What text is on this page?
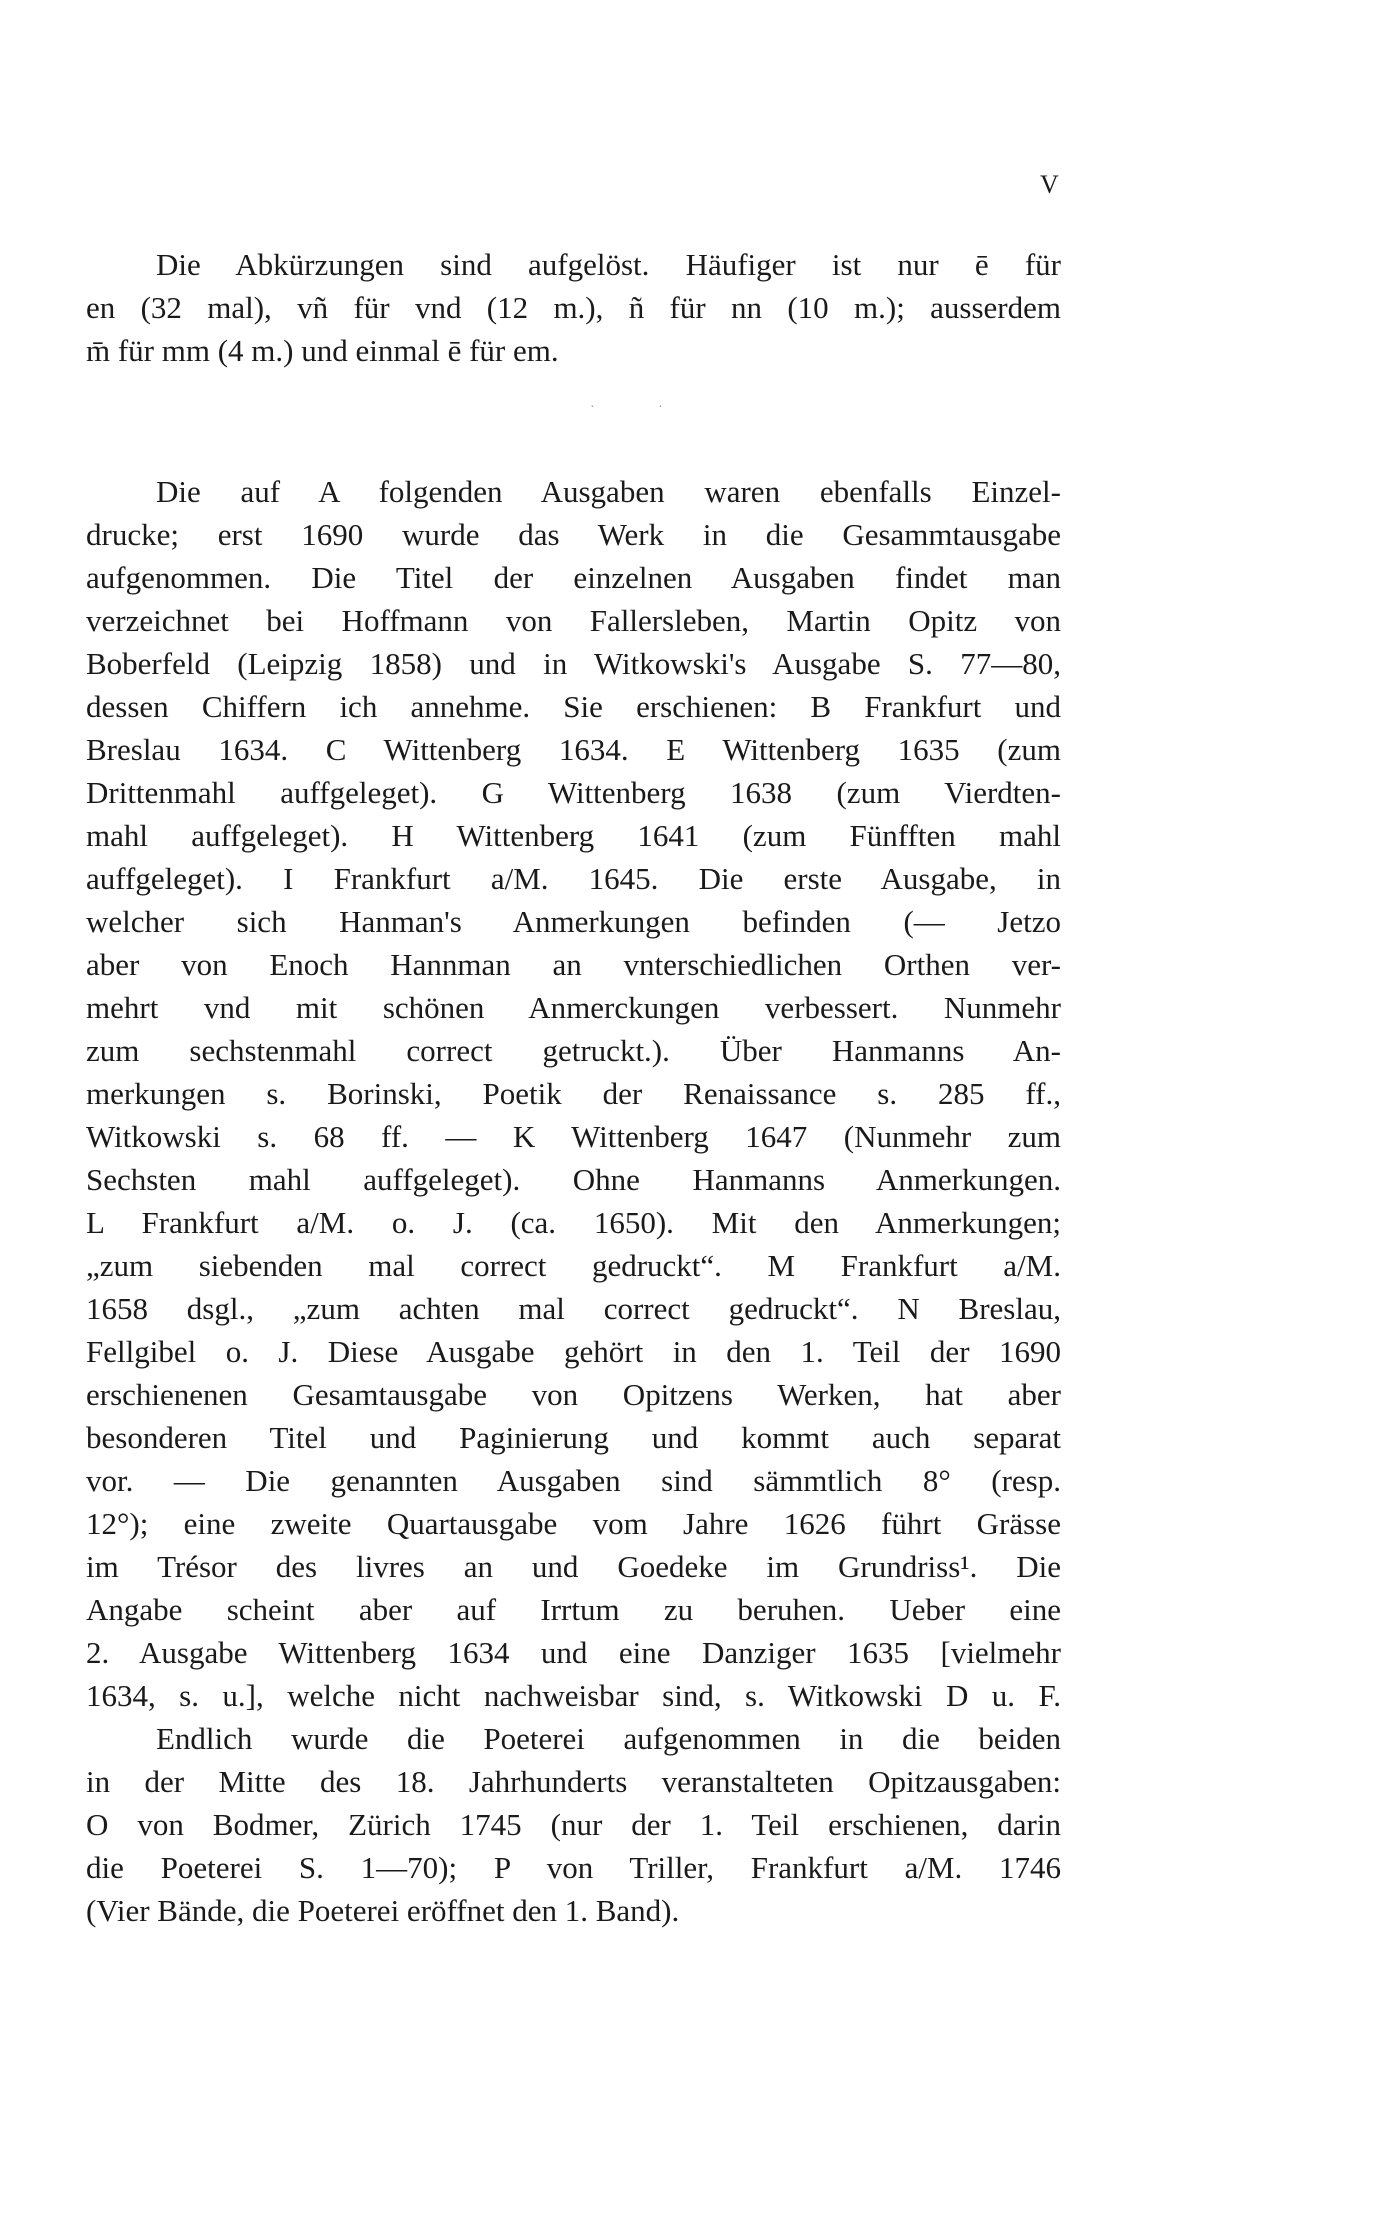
V
Die Abkürzungen sind aufgelöst. Häufiger ist nur ē für
en (32 mal), vñ für vnd (12 m.), ñ für nn (10 m.); ausserdem
m̄ für mm (4 m.) und einmal ē für em.
· ·
Die auf A folgenden Ausgaben waren ebenfalls Einzel-
drucke; erst 1690 wurde das Werk in die Gesammtausgabe
aufgenommen. Die Titel der einzelnen Ausgaben findet man
verzeichnet bei Hoffmann von Fallersleben, Martin Opitz von
Boberfeld (Leipzig 1858) und in Witkowski's Ausgabe S. 77—80,
dessen Chiffern ich annehme. Sie erschienen: B Frankfurt und
Breslau 1634. C Wittenberg 1634. E Wittenberg 1635 (zum
Drittenmahl auffgeleget). G Wittenberg 1638 (zum Vierdten-
mahl auffgeleget). H Wittenberg 1641 (zum Fünfften mahl
auffgeleget). I Frankfurt a/M. 1645. Die erste Ausgabe, in
welcher sich Hanman's Anmerkungen befinden (— Jetzo
aber von Enoch Hannman an vnterschiedlichen Orthen ver-
mehrt vnd mit schönen Anmerckungen verbessert. Nunmehr
zum sechstenmahl correct getruckt.). Über Hanmanns An-
merkungen s. Borinski, Poetik der Renaissance s. 285 ff.,
Witkowski s. 68 ff. — K Wittenberg 1647 (Nunmehr zum
Sechsten mahl auffgeleget). Ohne Hanmanns Anmerkungen.
L Frankfurt a/M. o. J. (ca. 1650). Mit den Anmerkungen;
„zum siebenden mal correct gedruckt“. M Frankfurt a/M.
1658 dsgl., „zum achten mal correct gedruckt“. N Breslau,
Fellgibel o. J. Diese Ausgabe gehört in den 1. Teil der 1690
erschienenen Gesamtausgabe von Opitzens Werken, hat aber
besonderen Titel und Paginierung und kommt auch separat
vor. — Die genannten Ausgaben sind sämmtlich 8° (resp.
12°); eine zweite Quartausgabe vom Jahre 1626 führt Grässe
im Trésor des livres an und Goedeke im Grundriss¹. Die
Angabe scheint aber auf Irrtum zu beruhen. Ueber eine
2. Ausgabe Wittenberg 1634 und eine Danziger 1635 [vielmehr
1634, s. u.], welche nicht nachweisbar sind, s. Witkowski D u. F.
Endlich wurde die Poeterei aufgenommen in die beiden
in der Mitte des 18. Jahrhunderts veranstalteten Opitzausgaben:
O von Bodmer, Zürich 1745 (nur der 1. Teil erschienen, darin
die Poeterei S. 1—70); P von Triller, Frankfurt a/M. 1746
(Vier Bände, die Poeterei eröffnet den 1. Band).
